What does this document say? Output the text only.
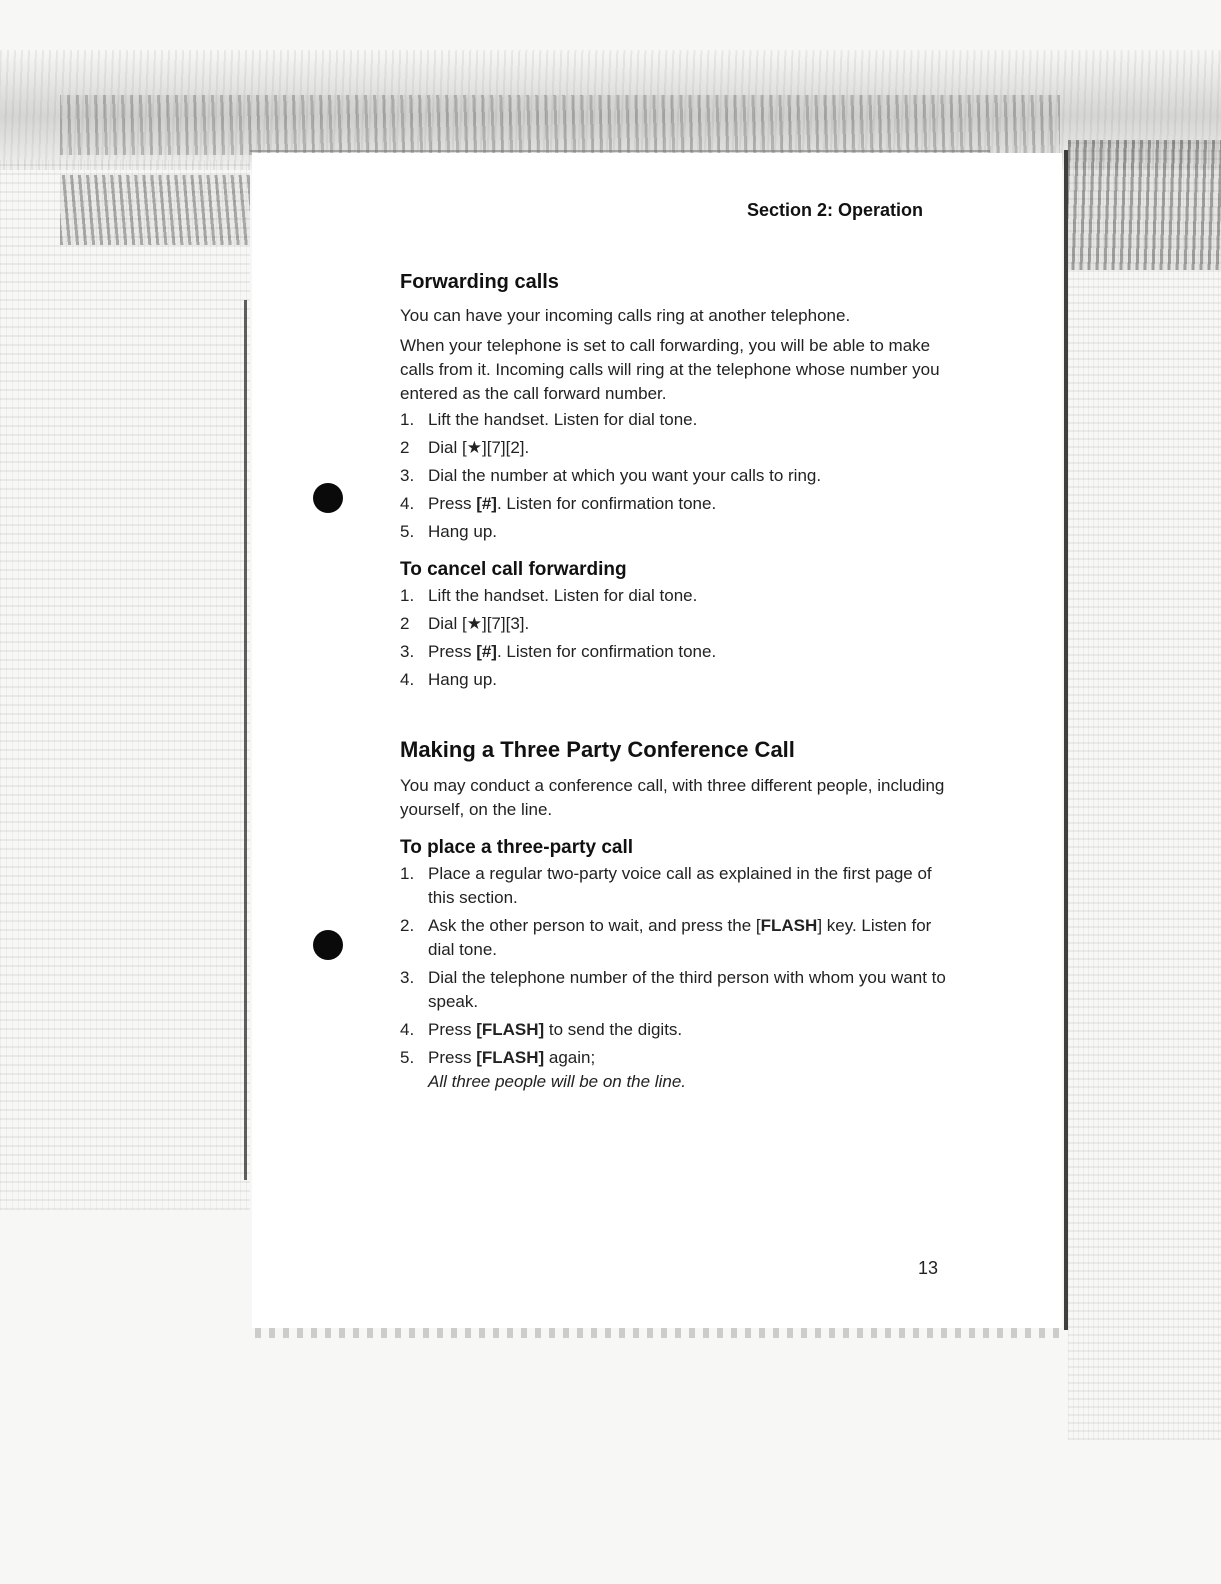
Section 2: Operation
Forwarding calls

You can have your incoming calls ring at another telephone.

When your telephone is set to call forwarding, you will be able to make calls from it. Incoming calls will ring at the telephone whose number you entered as the call forward number.

1. Lift the handset. Listen for dial tone.
2 Dial [★][7][2].
3. Dial the number at which you want your calls to ring.
4. Press [#]. Listen for confirmation tone.
5. Hang up.
To cancel call forwarding
1. Lift the handset. Listen for dial tone.
2 Dial [★][7][3].
3. Press [#]. Listen for confirmation tone.
4. Hang up.
Making a Three Party Conference Call

You may conduct a conference call, with three different people, including yourself, on the line.

To place a three-party call
1. Place a regular two-party voice call as explained in the first page of this section.
2. Ask the other person to wait, and press the [FLASH] key. Listen for dial tone.
3. Dial the telephone number of the third person with whom you want to speak.
4. Press [FLASH] to send the digits.
5. Press [FLASH] again;
All three people will be on the line.
13
